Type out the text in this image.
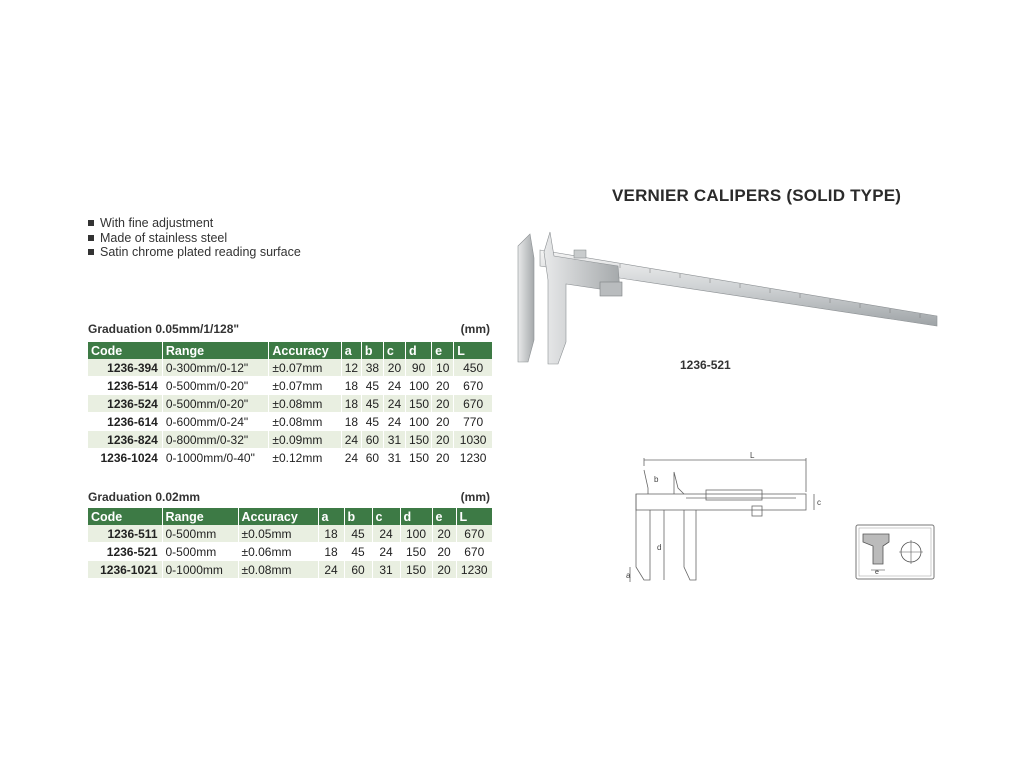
VERNIER CALIPERS (SOLID TYPE)
With fine adjustment
Made of stainless steel
Satin chrome plated reading surface
Graduation 0.05mm/1/128"	(mm)
Code	Range	Accuracy	a	b	c	d	e	L
1236-394	0-300mm/0-12"	±0.07mm	12	38	20	90	10	450
1236-514	0-500mm/0-20"	±0.07mm	18	45	24	100	20	670
1236-524	0-500mm/0-20"	±0.08mm	18	45	24	150	20	670
1236-614	0-600mm/0-24"	±0.08mm	18	45	24	100	20	770
1236-824	0-800mm/0-32"	±0.09mm	24	60	31	150	20	1030
1236-1024	0-1000mm/0-40"	±0.12mm	24	60	31	150	20	1230
Graduation 0.02mm	(mm)
Code	Range	Accuracy	a	b	c	d	e	L
1236-511	0-500mm	±0.05mm	18	45	24	100	20	670
1236-521	0-500mm	±0.06mm	18	45	24	150	20	670
1236-1021	0-1000mm	±0.08mm	24	60	31	150	20	1230
1236-521
L
b
c
d
a	e
